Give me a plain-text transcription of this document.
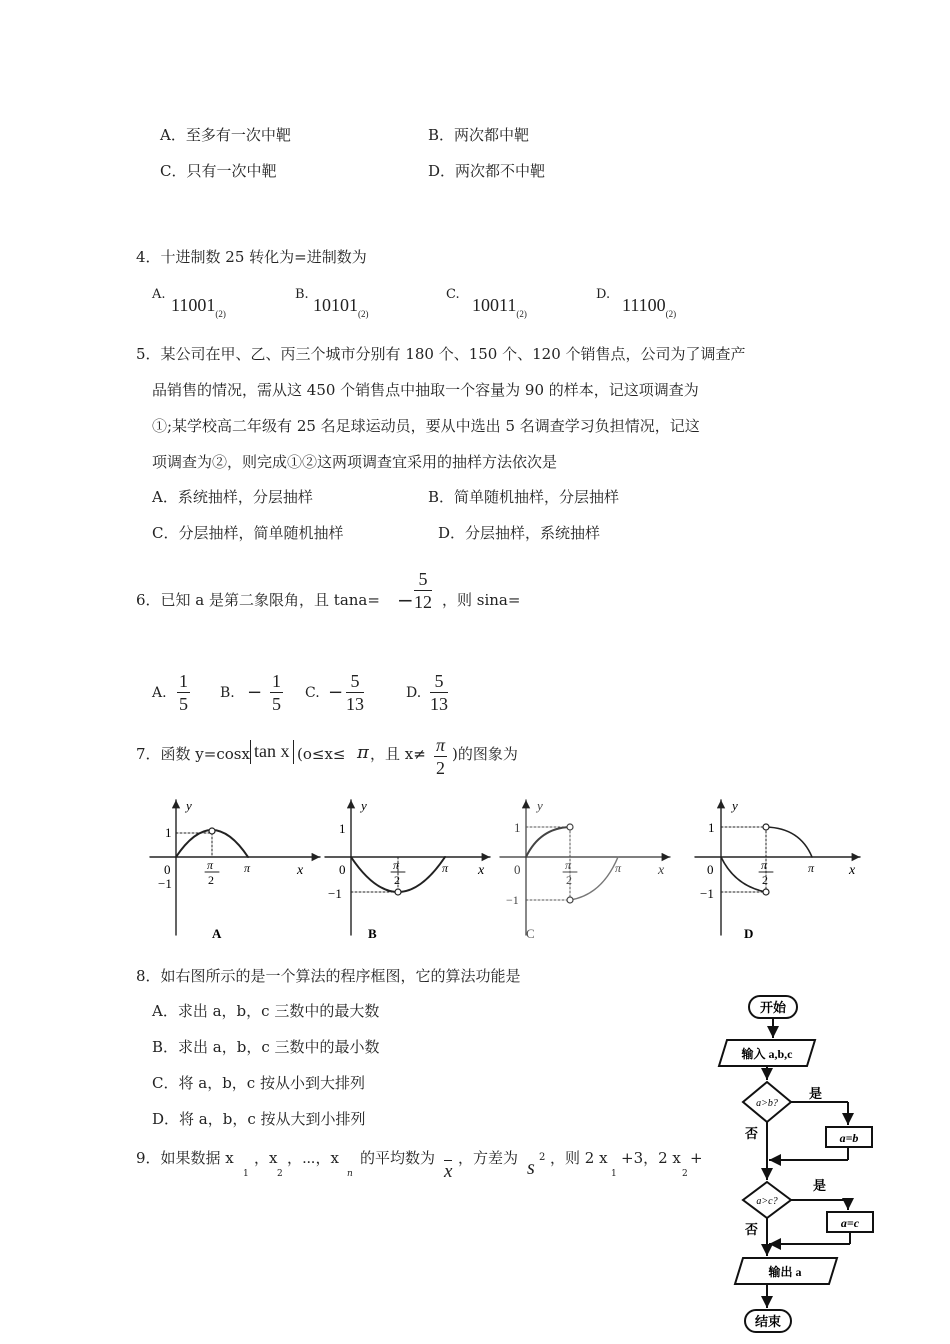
A．至多有一次中靶	B．两次都中靶
C．只有一次中靶	D．两次都不中靶
4．十进制数 25 转化为=进制数为
A.
$11001_{(2)}$
B.
$10101_{(2)}$
C.
$10011_{(2)}$
D.
$11100_{(2)}$
5．某公司在甲、乙、丙三个城市分别有 180 个、150 个、120 个销售点，公司为了调查产
品销售的情况，需从这 450 个销售点中抽取一个容量为 90 的样本，记这项调查为
①;某学校高二年级有 25 名足球运动员，要从中选出 5 名调查学习负担情况，记这
项调查为②，则完成①②这两项调查宜采用的抽样方法依次是
A．系统抽样，分层抽样	B．简单随机抽样，分层抽样
C．分层抽样，简单随机抽样	D．分层抽样，系统抽样
6．已知 a 是第二象限角，且 tana= −
5
12 ，则 sina=
A.
1
5
B. −
1
5
C. −
5
13
D.
5
13
7．函数 y=cosx tan x (o≤x≤ π ，且 x≠ π
2
)的图象为
y
x
0
1
−1
π
2
π
A
y
x
0
1
−1
π
2
π
B
y
x
0
1
−1
π
2
π
C
y
x
0
1
−1
π
2
π
D
8．如右图所示的是一个算法的程序框图，它的算法功能是
A．求出 a，b，c 三数中的最大数
B．求出 a，b，c 三数中的最小数
C．将 a，b，c 按从小到大排列
D．将 a，b，c 按从大到小排列
9．如果数据 x
1
，x
2
，⋯，x
n
的平均数为
x
，方差为 s 2 ，则 2 x
1
+3，2 x
2
+
开始
输入 a,b,c
a>b?
是
a=b
否
a>c?
是
a=c
否
输出 a
结束
